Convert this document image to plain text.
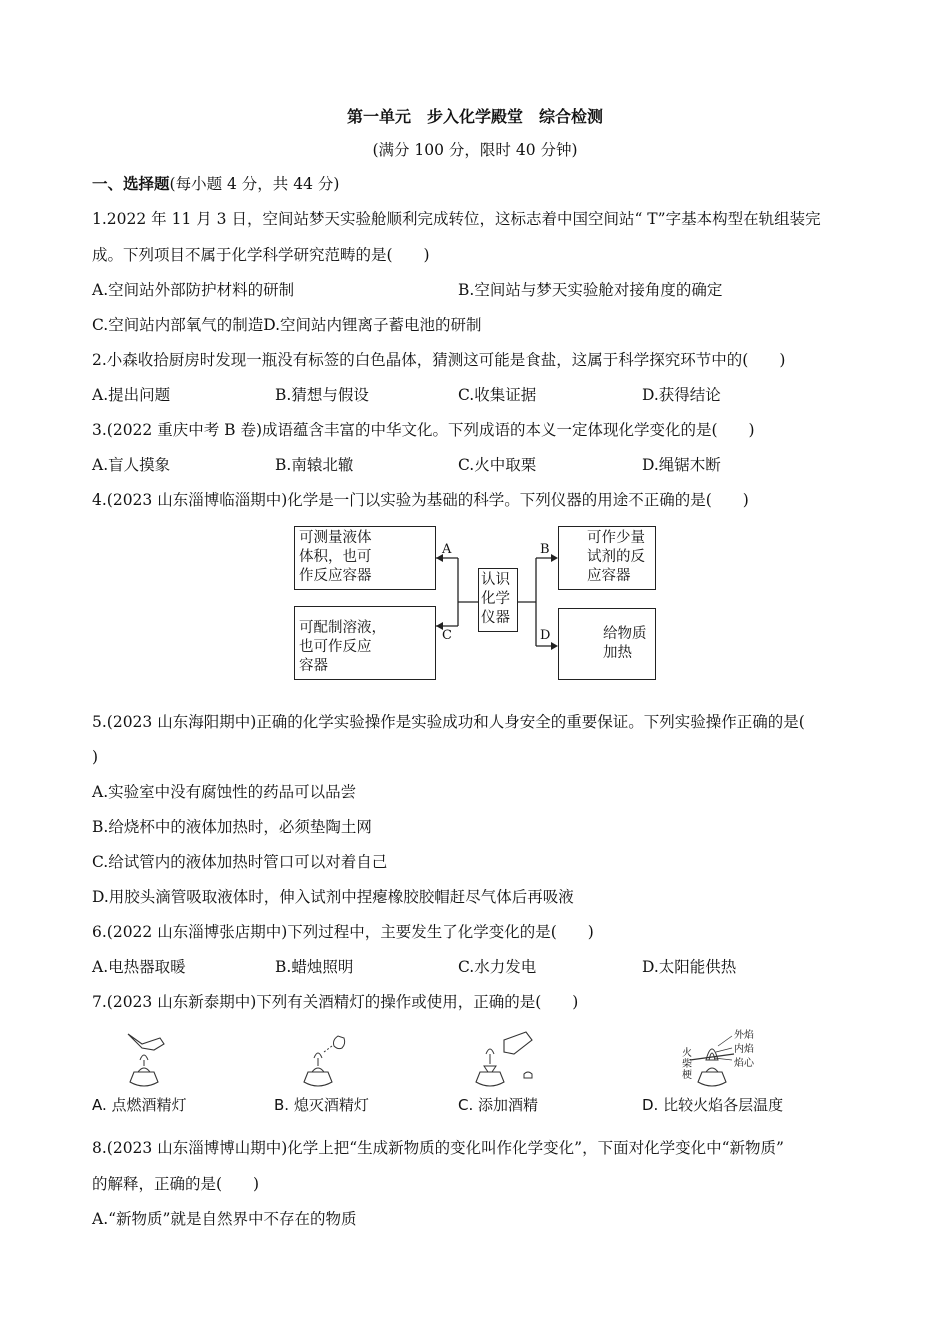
第一单元　步入化学殿堂　综合检测
(满分 100 分，限时 40 分钟)
一、选择题(每小题 4 分，共 44 分)
1.2022 年 11 月 3 日，空间站梦天实验舱顺利完成转位，这标志着中国空间站“ T”字基本构型在轨组装完
成。下列项目不属于化学科学研究范畴的是(　　)
A.空间站外部防护材料的研制	B.空间站与梦天实验舱对接角度的确定
C.空间站内部氧气的制造D.空间站内锂离子蓄电池的研制
2.小森收拾厨房时发现一瓶没有标签的白色晶体，猜测这可能是食盐，这属于科学探究环节中的(　　)
A.提出问题	B.猜想与假设	C.收集证据	D.获得结论
3.(2022 重庆中考 B 卷)成语蕴含丰富的中华文化。下列成语的本义一定体现化学变化的是(　　)
A.盲人摸象	B.南辕北辙	C.火中取栗	D.绳锯木断
4.(2023 山东淄博临淄期中)化学是一门以实验为基础的科学。下列仪器的用途不正确的是(　　)
可测量液体
体积，也可
作反应容器
可作少量
试剂的反
应容器
可配制溶液，
也可作反应
容器
给物质
加热
认识
化学
仪器
A	B
C	D
5.(2023 山东海阳期中)正确的化学实验操作是实验成功和人身安全的重要保证。下列实验操作正确的是(
)
A.实验室中没有腐蚀性的药品可以品尝
B.给烧杯中的液体加热时，必须垫陶土网
C.给试管内的液体加热时管口可以对着自己
D.用胶头滴管吸取液体时，伸入试剂中捏瘪橡胶胶帽赶尽气体后再吸液
6.(2022 山东淄博张店期中)下列过程中，主要发生了化学变化的是(　　)
A.电热器取暖	B.蜡烛照明	C.水力发电	D.太阳能供热
7.(2023 山东新泰期中)下列有关酒精灯的操作或使用，正确的是(　　)
外焰
内焰
焰心
火
柴
梗
A. 点燃酒精灯	B. 熄灭酒精灯	C. 添加酒精	D. 比较火焰各层温度
8.(2023 山东淄博博山期中)化学上把“生成新物质的变化叫作化学变化”，下面对化学变化中“新物质”
的解释，正确的是(　　)
A.“新物质”就是自然界中不存在的物质
